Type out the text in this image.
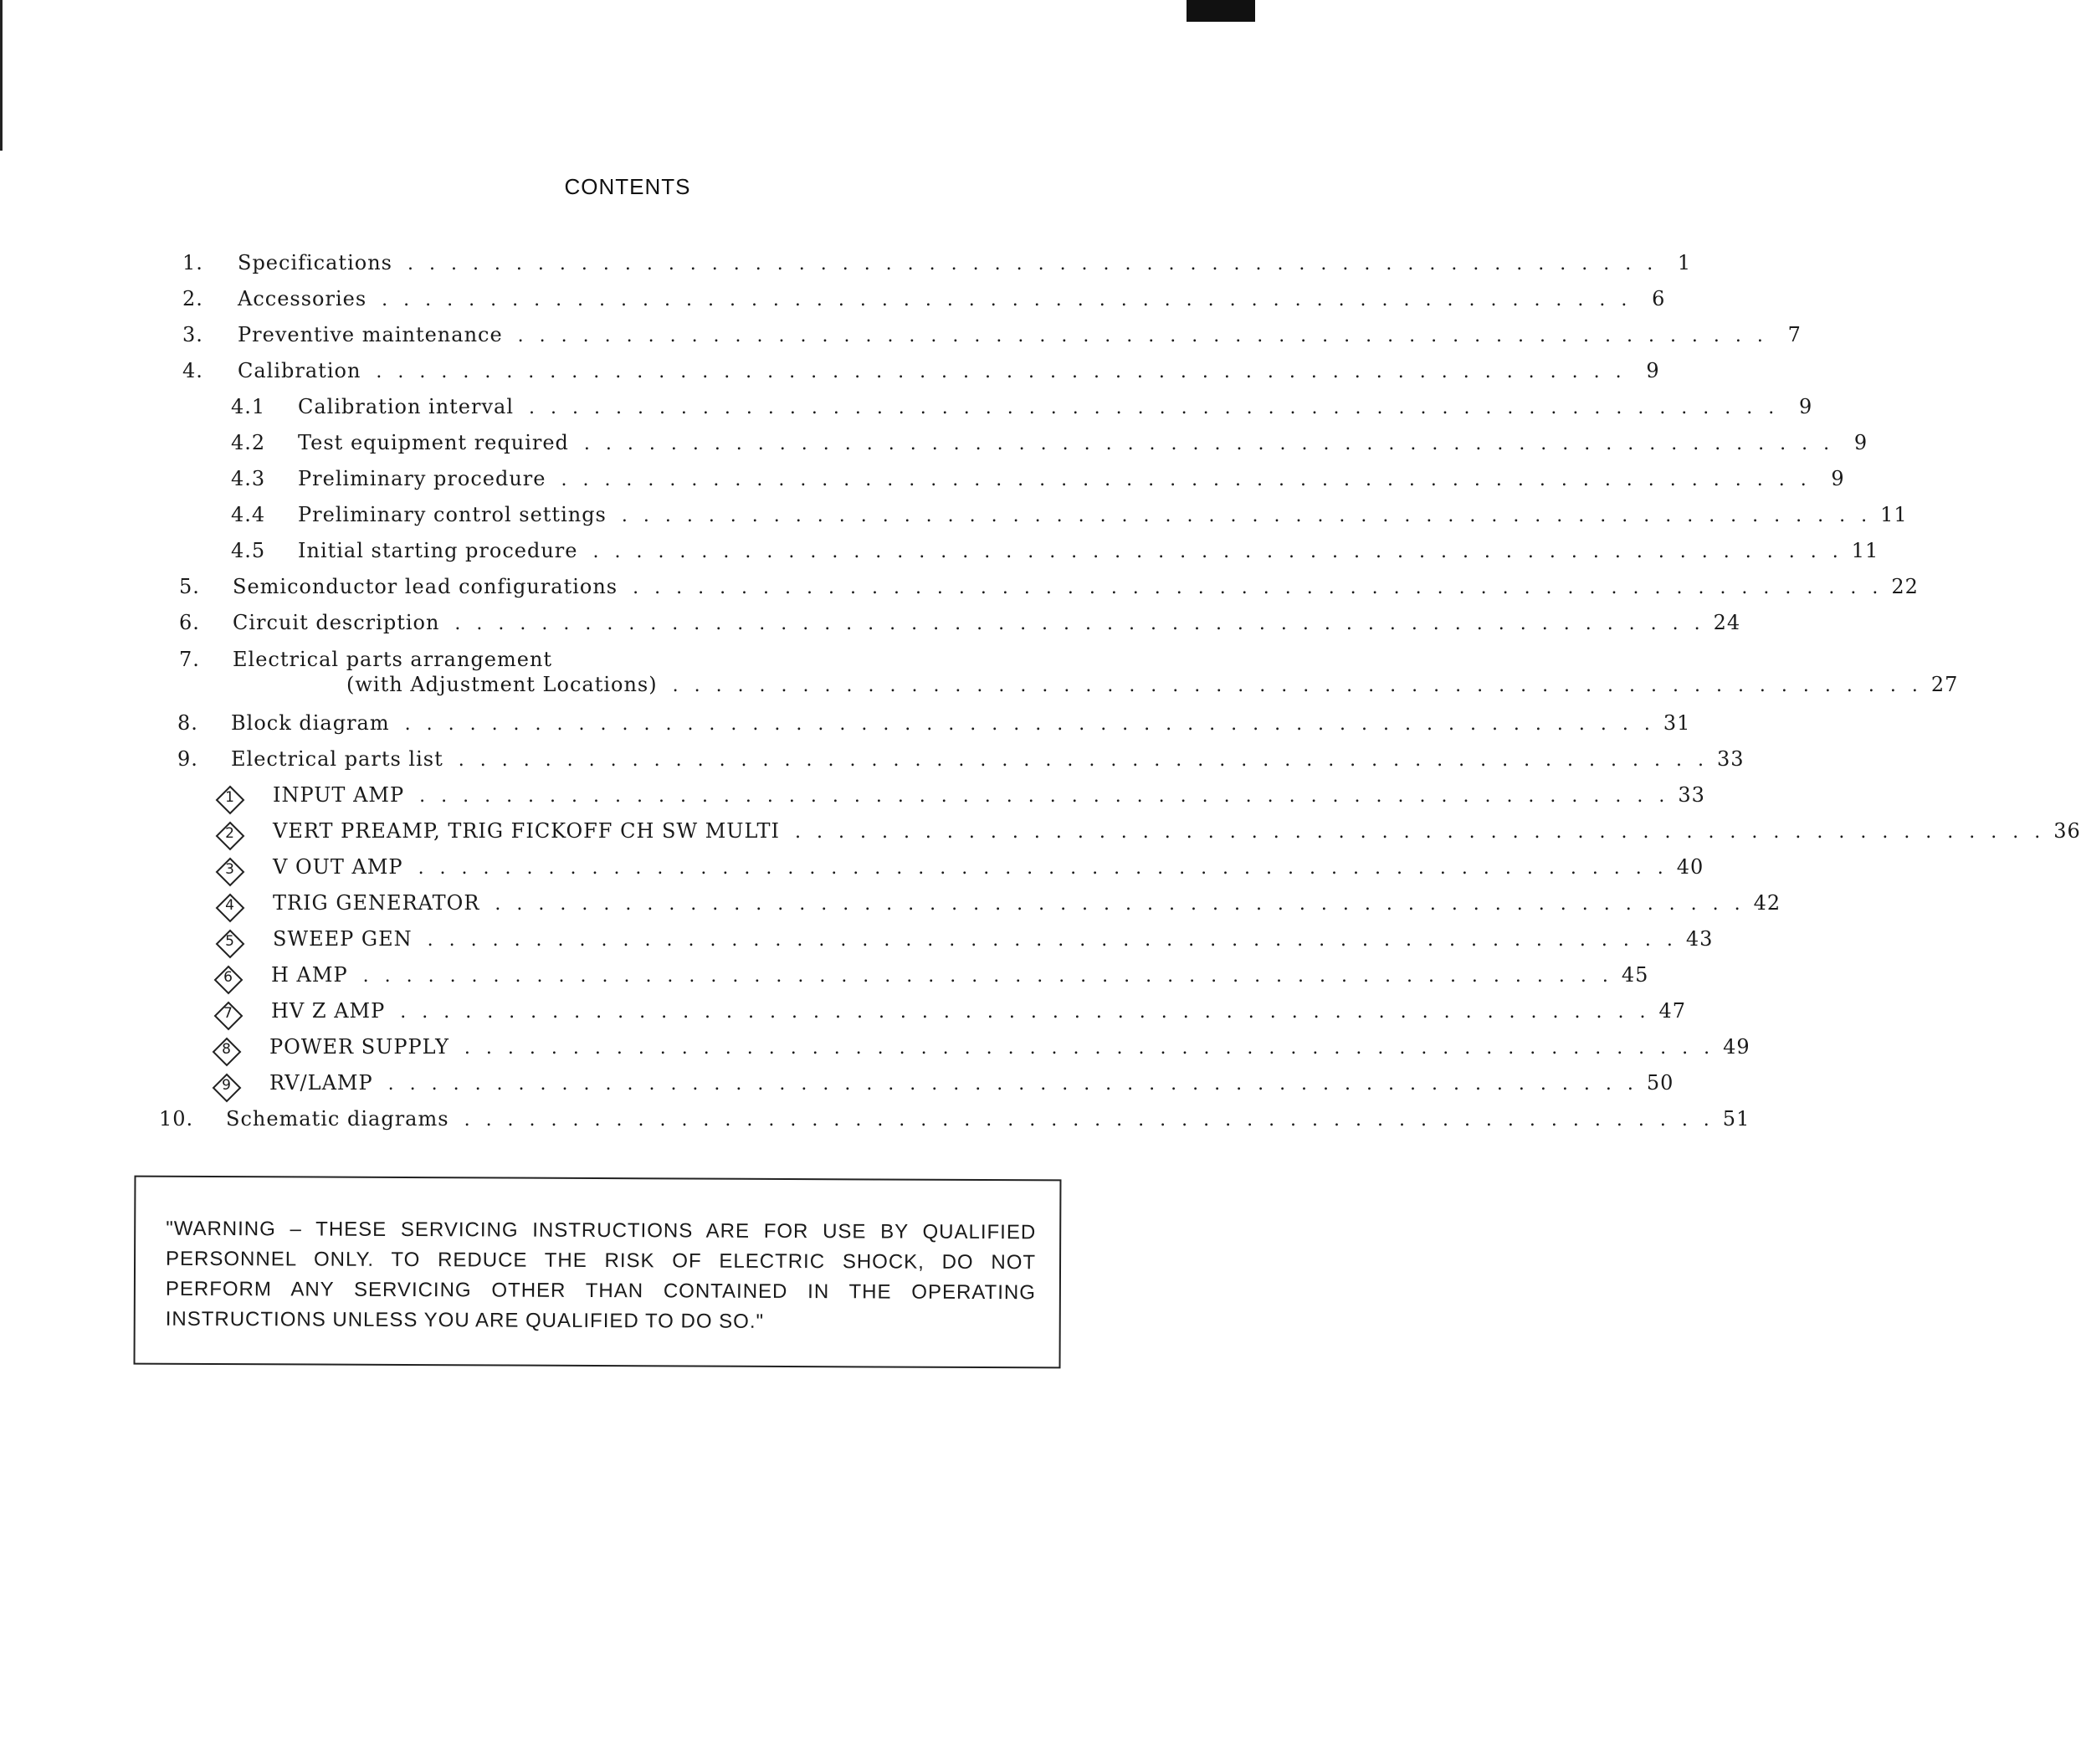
CONTENTS
1.	Specifications . . . . . . . . . . . . . . . . . . . . . . . . . . . . . . . . . . . . . . . . . . . . . . . . . . . . . . . . . . 1
2.	Accessories . . . . . . . . . . . . . . . . . . . . . . . . . . . . . . . . . . . . . . . . . . . . . . . . . . . . . . . . . . 6
3.	Preventive maintenance . . . . . . . . . . . . . . . . . . . . . . . . . . . . . . . . . . . . . . . . . . . . . . . . . . . . . . . . . . 7
4.	Calibration . . . . . . . . . . . . . . . . . . . . . . . . . . . . . . . . . . . . . . . . . . . . . . . . . . . . . . . . . . 9
4.1	Calibration interval . . . . . . . . . . . . . . . . . . . . . . . . . . . . . . . . . . . . . . . . . . . . . . . . . . . . . . . . . . 9
4.2	Test equipment required . . . . . . . . . . . . . . . . . . . . . . . . . . . . . . . . . . . . . . . . . . . . . . . . . . . . . . . . . . 9
4.3	Preliminary procedure . . . . . . . . . . . . . . . . . . . . . . . . . . . . . . . . . . . . . . . . . . . . . . . . . . . . . . . . . . 9
4.4	Preliminary control settings . . . . . . . . . . . . . . . . . . . . . . . . . . . . . . . . . . . . . . . . . . . . . . . . . . . . . . . . . . 11
4.5	Initial starting procedure . . . . . . . . . . . . . . . . . . . . . . . . . . . . . . . . . . . . . . . . . . . . . . . . . . . . . . . . . . 11
5.	Semiconductor lead configurations . . . . . . . . . . . . . . . . . . . . . . . . . . . . . . . . . . . . . . . . . . . . . . . . . . . . . . . . . . 22
6.	Circuit description . . . . . . . . . . . . . . . . . . . . . . . . . . . . . . . . . . . . . . . . . . . . . . . . . . . . . . . . . . 24
7. Electrical parts arrangement
(with Adjustment Locations) . . . . . . . . . . . . . . . . . . . . . . . . . . . . . . . . . . . . . . . . . . . . . . . . . . . . . . . . . . 27
8.	Block diagram . . . . . . . . . . . . . . . . . . . . . . . . . . . . . . . . . . . . . . . . . . . . . . . . . . . . . . . . . . 31
9.	Electrical parts list . . . . . . . . . . . . . . . . . . . . . . . . . . . . . . . . . . . . . . . . . . . . . . . . . . . . . . . . . . 33
1	INPUT AMP . . . . . . . . . . . . . . . . . . . . . . . . . . . . . . . . . . . . . . . . . . . . . . . . . . . . . . . . . . 33
2	VERT PREAMP, TRIG FICKOFF CH SW MULTI . . . . . . . . . . . . . . . . . . . . . . . . . . . . . . . . . . . . . . . . . . . . . . . . . . . . . . . . . . 36
3	V OUT AMP . . . . . . . . . . . . . . . . . . . . . . . . . . . . . . . . . . . . . . . . . . . . . . . . . . . . . . . . . . 40
4	TRIG GENERATOR . . . . . . . . . . . . . . . . . . . . . . . . . . . . . . . . . . . . . . . . . . . . . . . . . . . . . . . . . . 42
5	SWEEP GEN . . . . . . . . . . . . . . . . . . . . . . . . . . . . . . . . . . . . . . . . . . . . . . . . . . . . . . . . . . 43
6	H AMP . . . . . . . . . . . . . . . . . . . . . . . . . . . . . . . . . . . . . . . . . . . . . . . . . . . . . . . . . . 45
7	HV Z AMP . . . . . . . . . . . . . . . . . . . . . . . . . . . . . . . . . . . . . . . . . . . . . . . . . . . . . . . . . . 47
8	POWER SUPPLY . . . . . . . . . . . . . . . . . . . . . . . . . . . . . . . . . . . . . . . . . . . . . . . . . . . . . . . . . . 49
9	RV/LAMP . . . . . . . . . . . . . . . . . . . . . . . . . . . . . . . . . . . . . . . . . . . . . . . . . . . . . . . . . . 50
10.	Schematic diagrams . . . . . . . . . . . . . . . . . . . . . . . . . . . . . . . . . . . . . . . . . . . . . . . . . . . . . . . . . . 51
"WARNING – THESE SERVICING INSTRUCTIONS ARE FOR USE BY QUALIFIED PERSONNEL ONLY. TO REDUCE THE RISK OF ELECTRIC SHOCK, DO NOT PERFORM ANY SERVICING OTHER THAN CONTAINED IN THE OPERATING INSTRUCTIONS UNLESS YOU ARE QUALIFIED TO DO SO."
